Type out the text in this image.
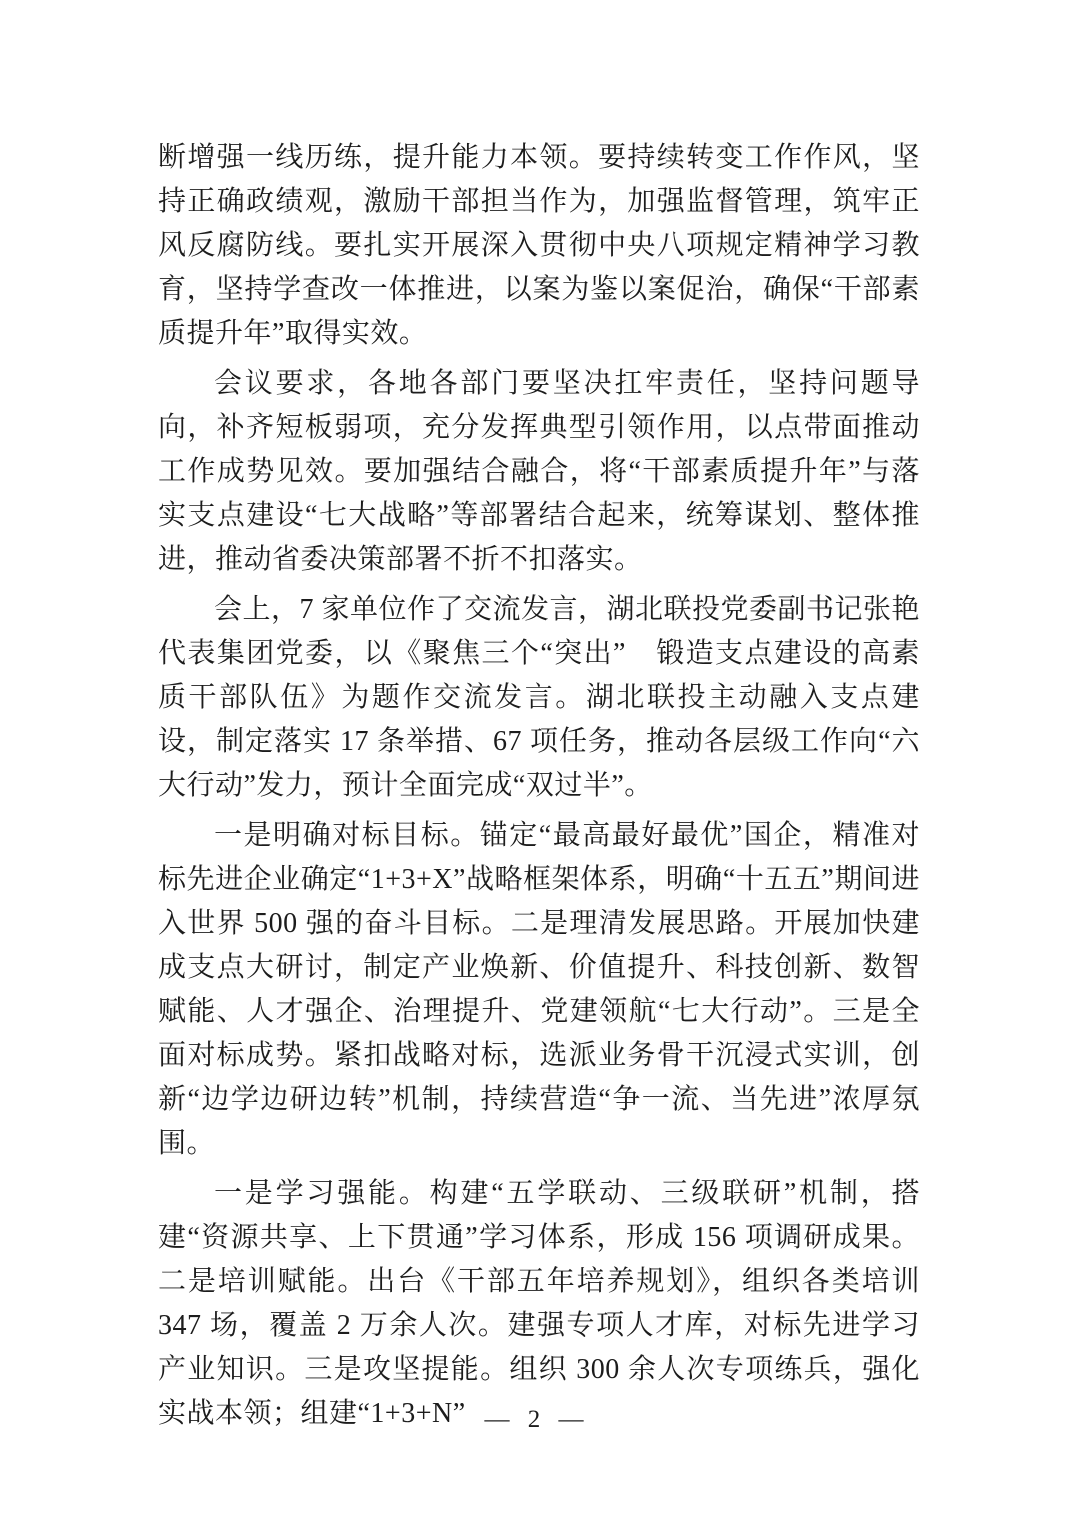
断增强一线历练，提升能力本领。要持续转变工作作风，坚持正确政绩观，激励干部担当作为，加强监督管理，筑牢正风反腐防线。要扎实开展深入贯彻中央八项规定精神学习教育，坚持学查改一体推进，以案为鉴以案促治，确保“干部素质提升年”取得实效。

会议要求，各地各部门要坚决扛牢责任，坚持问题导向，补齐短板弱项，充分发挥典型引领作用，以点带面推动工作成势见效。要加强结合融合，将“干部素质提升年”与落实支点建设“七大战略”等部署结合起来，统筹谋划、整体推进，推动省委决策部署不折不扣落实。

会上，7 家单位作了交流发言，湖北联投党委副书记张艳代表集团党委，以《聚焦三个“突出”　锻造支点建设的高素质干部队伍》为题作交流发言。湖北联投主动融入支点建设，制定落实 17 条举措、67 项任务，推动各层级工作向“六大行动”发力，预计全面完成“双过半”。

一是明确对标目标。锚定“最高最好最优”国企，精准对标先进企业确定“1+3+X”战略框架体系，明确“十五五”期间进入世界 500 强的奋斗目标。二是理清发展思路。开展加快建成支点大研讨，制定产业焕新、价值提升、科技创新、数智赋能、人才强企、治理提升、党建领航“七大行动”。三是全面对标成势。紧扣战略对标，选派业务骨干沉浸式实训，创新“边学边研边转”机制，持续营造“争一流、当先进”浓厚氛围。

一是学习强能。构建“五学联动、三级联研”机制，搭建“资源共享、上下贯通”学习体系，形成 156 项调研成果。二是培训赋能。出台《干部五年培养规划》，组织各类培训 347 场，覆盖 2 万余人次。建强专项人才库，对标先进学习产业知识。三是攻坚提能。组织 300 余人次专项练兵，强化实战本领；组建“1+3+N” — 2 —
